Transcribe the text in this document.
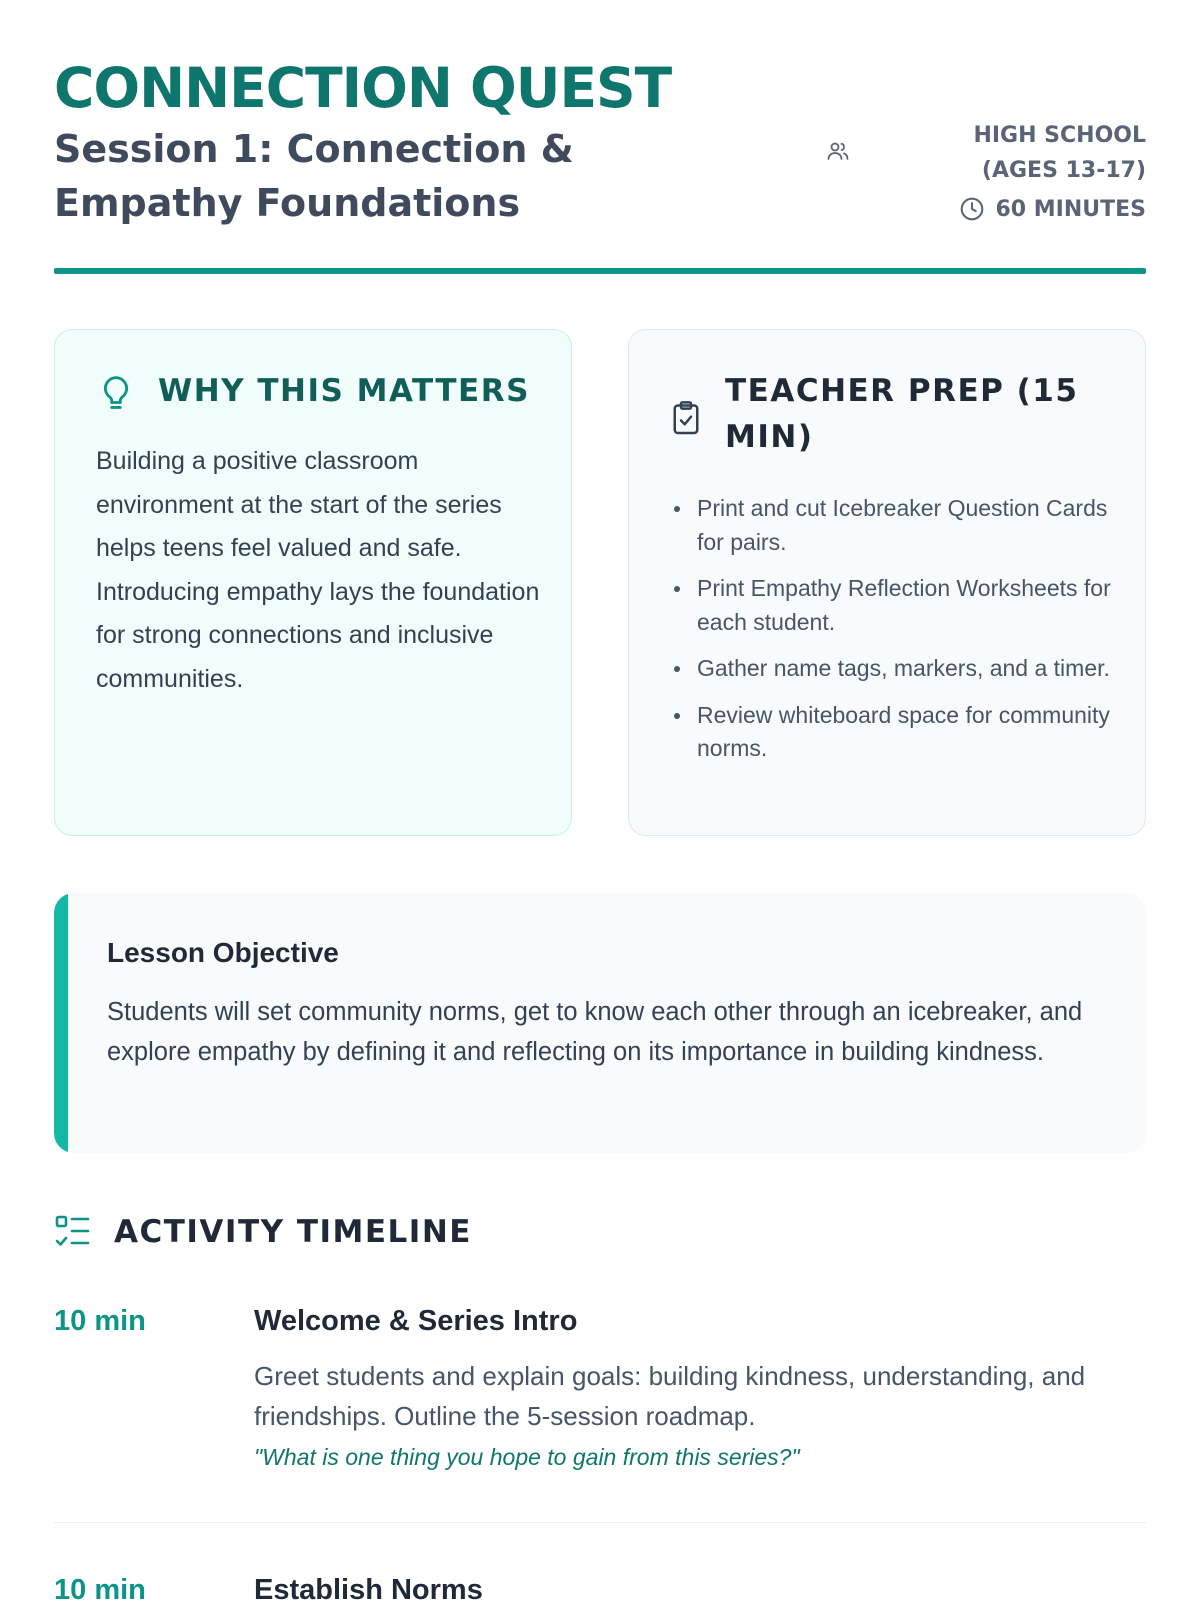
CONNECTION QUEST
Session 1: Connection & Empathy Foundations
HIGH SCHOOL (AGES 13-17)
60 MINUTES
WHY THIS MATTERS
Building a positive classroom environment at the start of the series helps teens feel valued and safe. Introducing empathy lays the foundation for strong connections and inclusive communities.
TEACHER PREP (15 MIN)
Print and cut Icebreaker Question Cards for pairs.
Print Empathy Reflection Worksheets for each student.
Gather name tags, markers, and a timer.
Review whiteboard space for community norms.
Lesson Objective
Students will set community norms, get to know each other through an icebreaker, and explore empathy by defining it and reflecting on its importance in building kindness.
ACTIVITY TIMELINE
10 min	Welcome & Series Intro
Greet students and explain goals: building kindness, understanding, and friendships. Outline the 5-session roadmap.
"What is one thing you hope to gain from this series?"
10 min	Establish Norms
